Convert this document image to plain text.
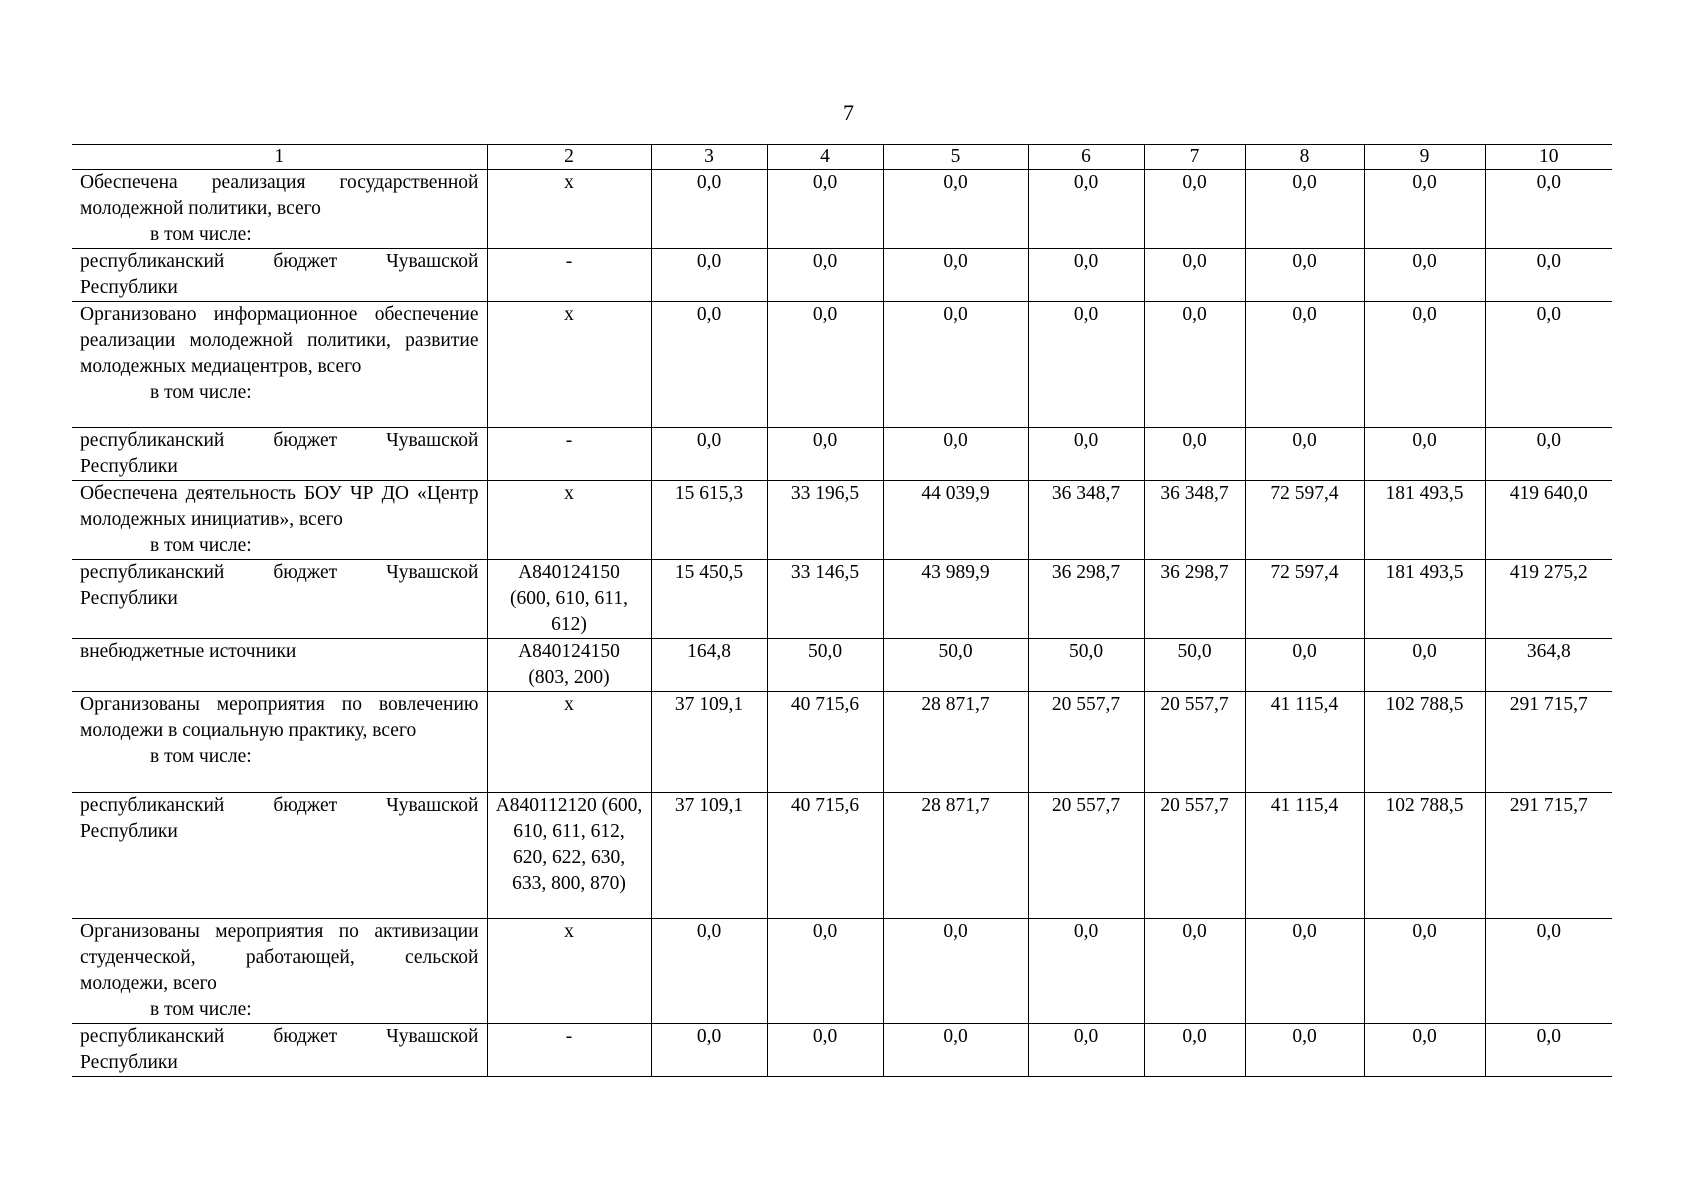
7
1	2	3	4	5	6	7	8	9	10
Обеспечена реализация государственной молодежной политики, всего
в том числе:	х	0,0	0,0	0,0	0,0	0,0	0,0	0,0	0,0
республиканский бюджет Чувашской Республики	-	0,0	0,0	0,0	0,0	0,0	0,0	0,0	0,0
Организовано информационное обеспечение реализации молодежной политики, развитие молодежных медиацентров, всего
в том числе:	х	0,0	0,0	0,0	0,0	0,0	0,0	0,0	0,0
республиканский бюджет Чувашской Республики	-	0,0	0,0	0,0	0,0	0,0	0,0	0,0	0,0
Обеспечена деятельность БОУ ЧР ДО «Центр молодежных инициатив», всего
в том числе:	х	15 615,3	33 196,5	44 039,9	36 348,7	36 348,7	72 597,4	181 493,5	419 640,0
республиканский бюджет Чувашской Республики	А840124150 (600, 610, 611, 612)	15 450,5	33 146,5	43 989,9	36 298,7	36 298,7	72 597,4	181 493,5	419 275,2
внебюджетные источники	А840124150 (803, 200)	164,8	50,0	50,0	50,0	50,0	0,0	0,0	364,8
Организованы мероприятия по вовлечению молодежи в социальную практику, всего
в том числе:	х	37 109,1	40 715,6	28 871,7	20 557,7	20 557,7	41 115,4	102 788,5	291 715,7
республиканский бюджет Чувашской Республики	А840112120 (600, 610, 611, 612, 620, 622, 630, 633, 800, 870)	37 109,1	40 715,6	28 871,7	20 557,7	20 557,7	41 115,4	102 788,5	291 715,7
Организованы мероприятия по активизации студенческой, работающей, сельской молодежи, всего
в том числе:	х	0,0	0,0	0,0	0,0	0,0	0,0	0,0	0,0
республиканский бюджет Чувашской Республики	-	0,0	0,0	0,0	0,0	0,0	0,0	0,0	0,0
